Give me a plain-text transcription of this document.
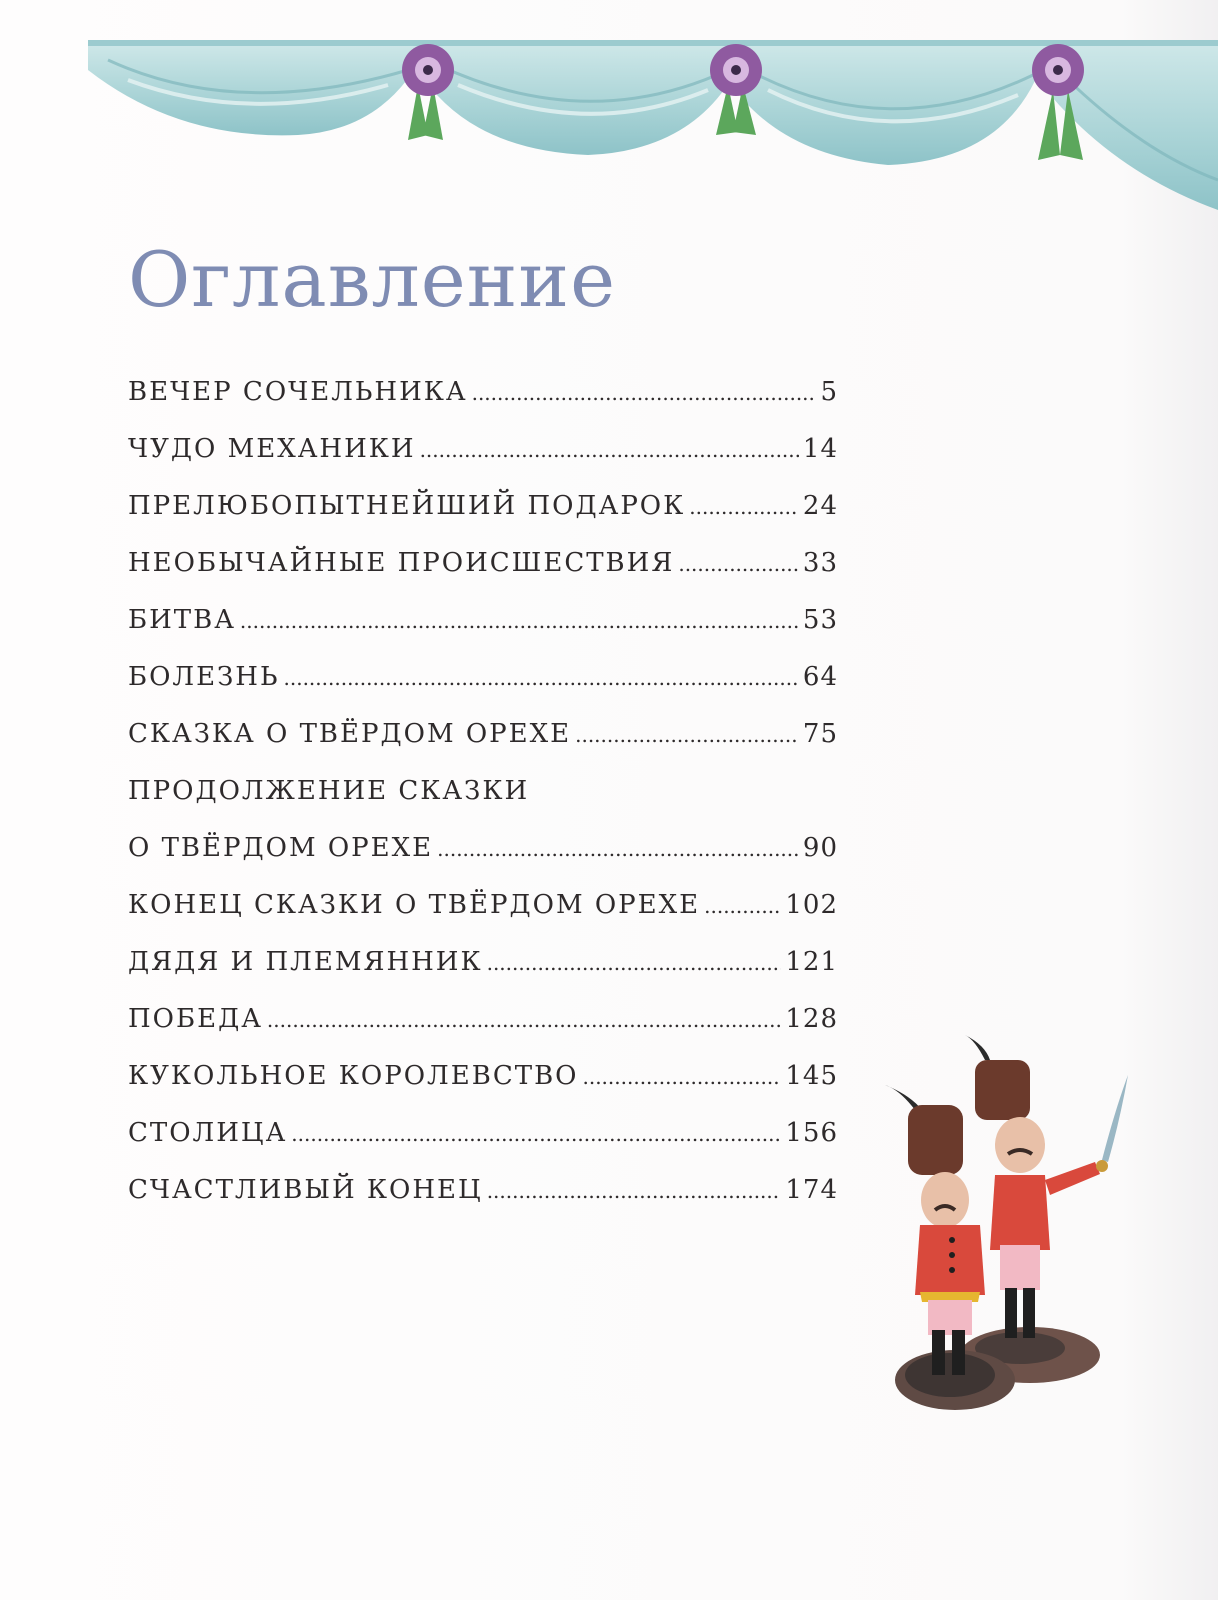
Оглавление
ВЕЧЕР СОЧЕЛЬНИКА .....	5
ЧУДО МЕХАНИКИ .....	14
ПРЕЛЮБОПЫТНЕЙШИЙ ПОДАРОК .....	24
НЕОБЫЧАЙНЫЕ ПРОИСШЕСТВИЯ .....	33
БИТВА .....	53
БОЛЕЗНЬ .....	64
СКАЗКА О ТВЁРДОМ ОРЕХЕ .....	75
ПРОДОЛЖЕНИЕ СКАЗКИ
О ТВЁРДОМ ОРЕХЕ .....	90
КОНЕЦ СКАЗКИ О ТВЁРДОМ ОРЕХЕ .....	102
ДЯДЯ И ПЛЕМЯННИК .....	121
ПОБЕДА .....	128
КУКОЛЬНОЕ КОРОЛЕВСТВО .....	145
СТОЛИЦА .....	156
СЧАСТЛИВЫЙ КОНЕЦ .....	174
